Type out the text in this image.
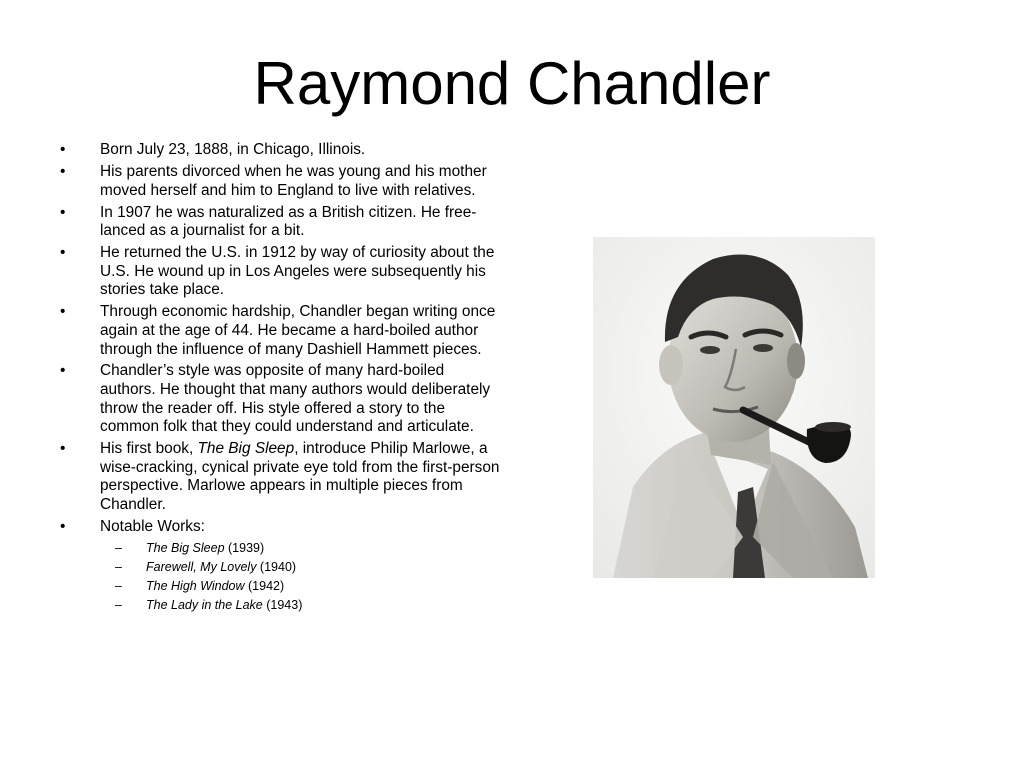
Raymond Chandler
• Born July 23, 1888, in Chicago, Illinois.
• His parents divorced when he was young and his mother moved herself and him to England to live with relatives.
• In 1907 he was naturalized as a British citizen. He free-lanced as a journalist for a bit.
• He returned the U.S. in 1912 by way of curiosity about the U.S. He wound up in Los Angeles were subsequently his stories take place.
• Through economic hardship, Chandler began writing once again at the age of 44. He became a hard-boiled author through the influence of many Dashiell Hammett pieces.
• Chandler’s style was opposite of many hard-boiled authors. He thought that many authors would deliberately throw the reader off. His style offered a story to the common folk that they could understand and articulate.
• His first book, The Big Sleep, introduce Philip Marlowe, a wise-cracking, cynical private eye told from the first-person perspective. Marlowe appears in multiple pieces from Chandler.
• Notable Works:
– The Big Sleep (1939)
– Farewell, My Lovely (1940)
– The High Window (1942)
– The Lady in the Lake (1943)
